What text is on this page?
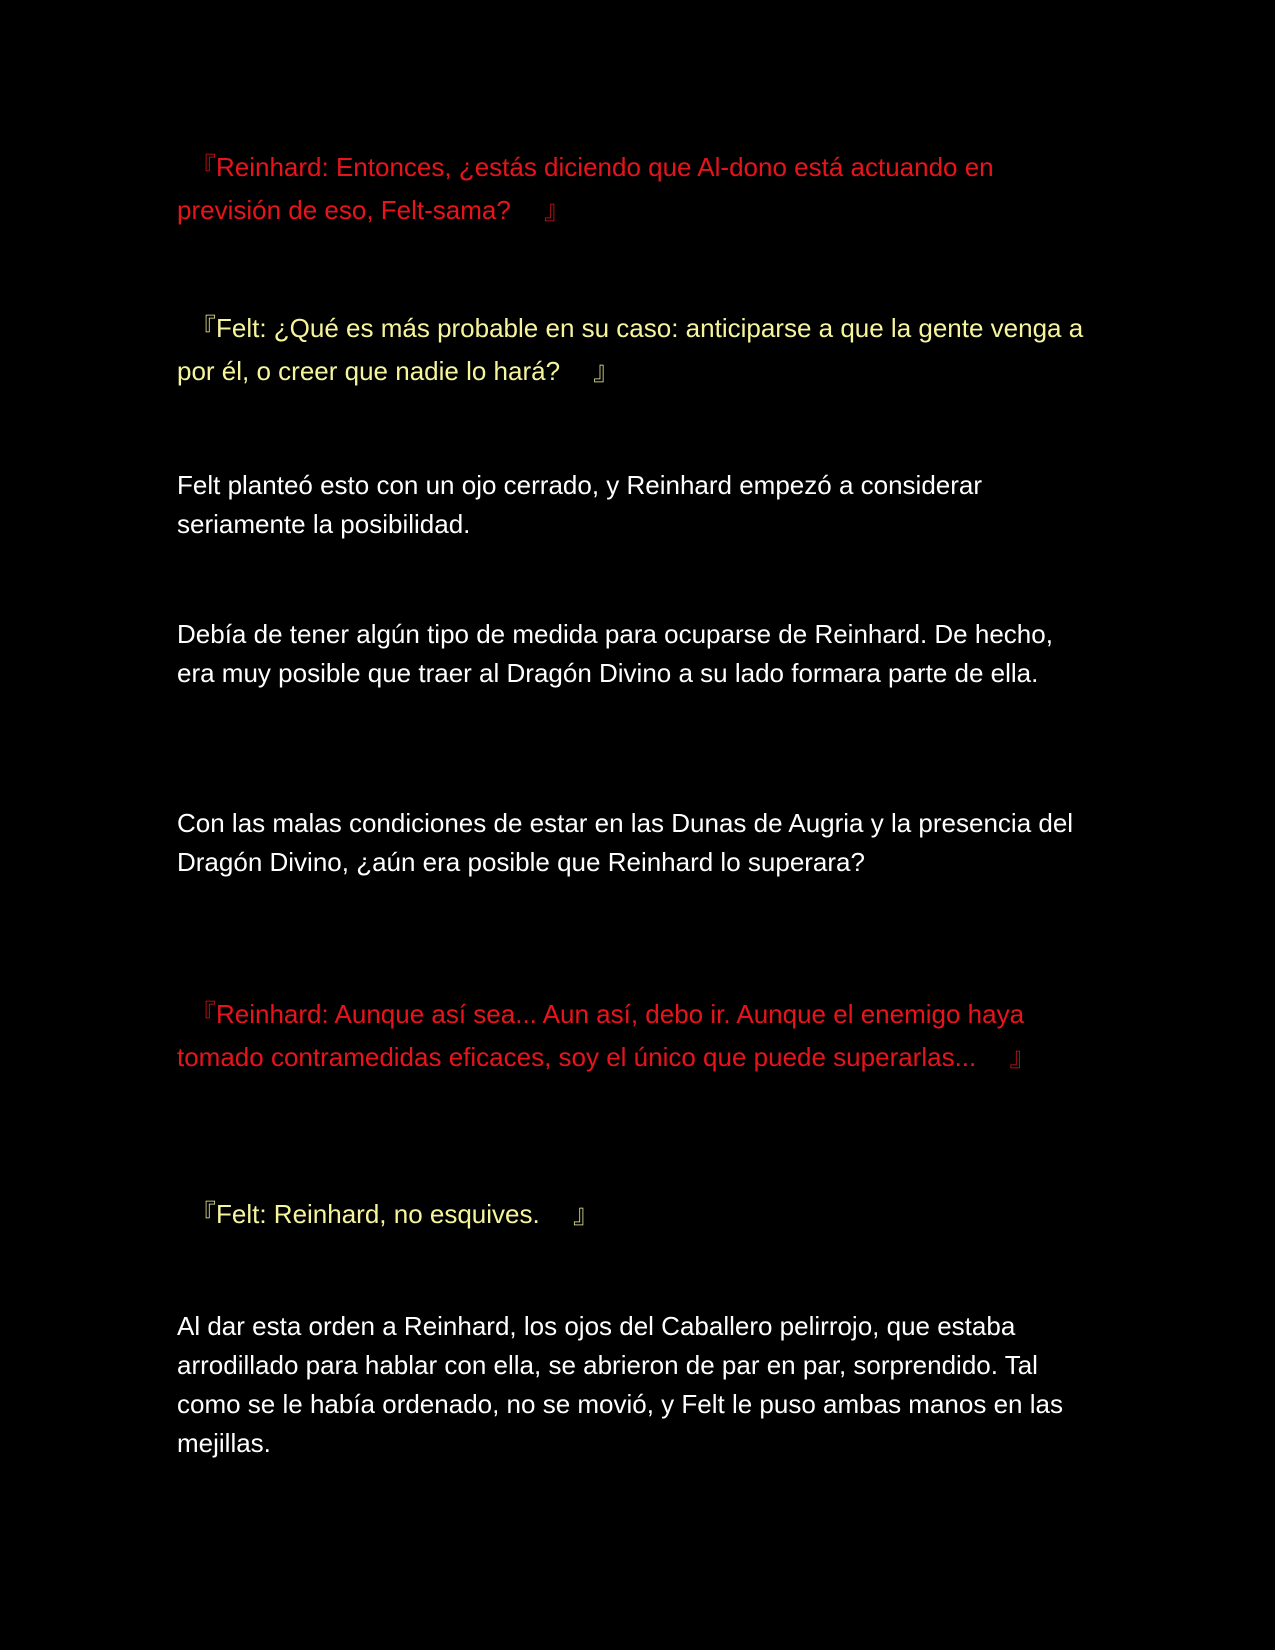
　『Reinhard: Entonces, ¿estás diciendo que Al-dono está actuando en previsión de eso, Felt-sama? 　』

　『Felt: ¿Qué es más probable en su caso: anticiparse a que la gente venga a por él, o creer que nadie lo hará? 　』

Felt planteó esto con un ojo cerrado, y Reinhard empezó a considerar seriamente la posibilidad.

Debía de tener algún tipo de medida para ocuparse de Reinhard. De hecho, era muy posible que traer al Dragón Divino a su lado formara parte de ella.

Con las malas condiciones de estar en las Dunas de Augria y la presencia del Dragón Divino, ¿aún era posible que Reinhard lo superara?

　『Reinhard: Aunque así sea... Aun así, debo ir. Aunque el enemigo haya tomado contramedidas eficaces, soy el único que puede superarlas... 　』

　『Felt: Reinhard, no esquives. 　』

Al dar esta orden a Reinhard, los ojos del Caballero pelirrojo, que estaba arrodillado para hablar con ella, se abrieron de par en par, sorprendido. Tal como se le había ordenado, no se movió, y Felt le puso ambas manos en las mejillas.
